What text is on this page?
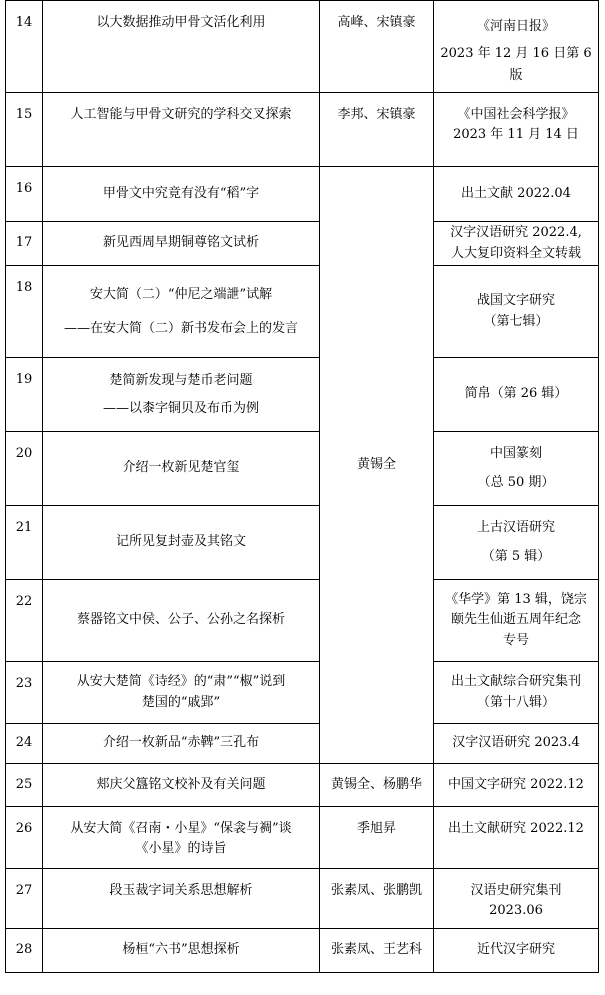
14	以大数据推动甲骨文活化利用	高峰、宋镇豪	《河南日报》
2023 年 12 月 16 日第 6
版

15	人工智能与甲骨文研究的学科交叉探索	李邦、宋镇豪	《中国社会科学报》
2023 年 11 月 14 日

16	甲骨文中究竟有没有“稻”字	黄锡全	出土文献 2022.04

17	新见西周早期铜尊铭文试析		汉字汉语研究 2022.4,
人大复印资料全文转载

18	安大简（二）“仲尼之端詍”试解
——在安大简（二）新书发布会上的发言		战国文字研究
（第七辑）

19	楚简新发现与楚币老问题
——以桼字铜贝及布币为例		简帛（第 26 辑）

20	介绍一枚新见楚官玺		中国篆刻
（总 50 期）

21	记所见复封壶及其铭文		上古汉语研究
（第 5 辑）

22	蔡器铭文中侯、公子、公孙之名探析		《华学》第 13 辑，饶宗
颐先生仙逝五周年纪念
专号

23	从安大楚简《诗经》的“肃”“椒”说到
楚国的“戚郢”		出土文献综合研究集刊
（第十八辑）

24	介绍一枚新品“赤鞞”三孔布		汉字汉语研究 2023.4

25	郏庆父簋铭文校补及有关问题	黄锡全、杨鹏华	中国文字研究 2022.12

26	从安大简《召南・小星》“保衾与裯”谈
《小星》的诗旨	季旭昇	出土文献研究 2022.12

27	段玉裁字词关系思想解析	张素凤、张鹏凯	汉语史研究集刊
2023.06

28	杨桓“六书”思想探析	张素凤、王艺科	近代汉字研究
